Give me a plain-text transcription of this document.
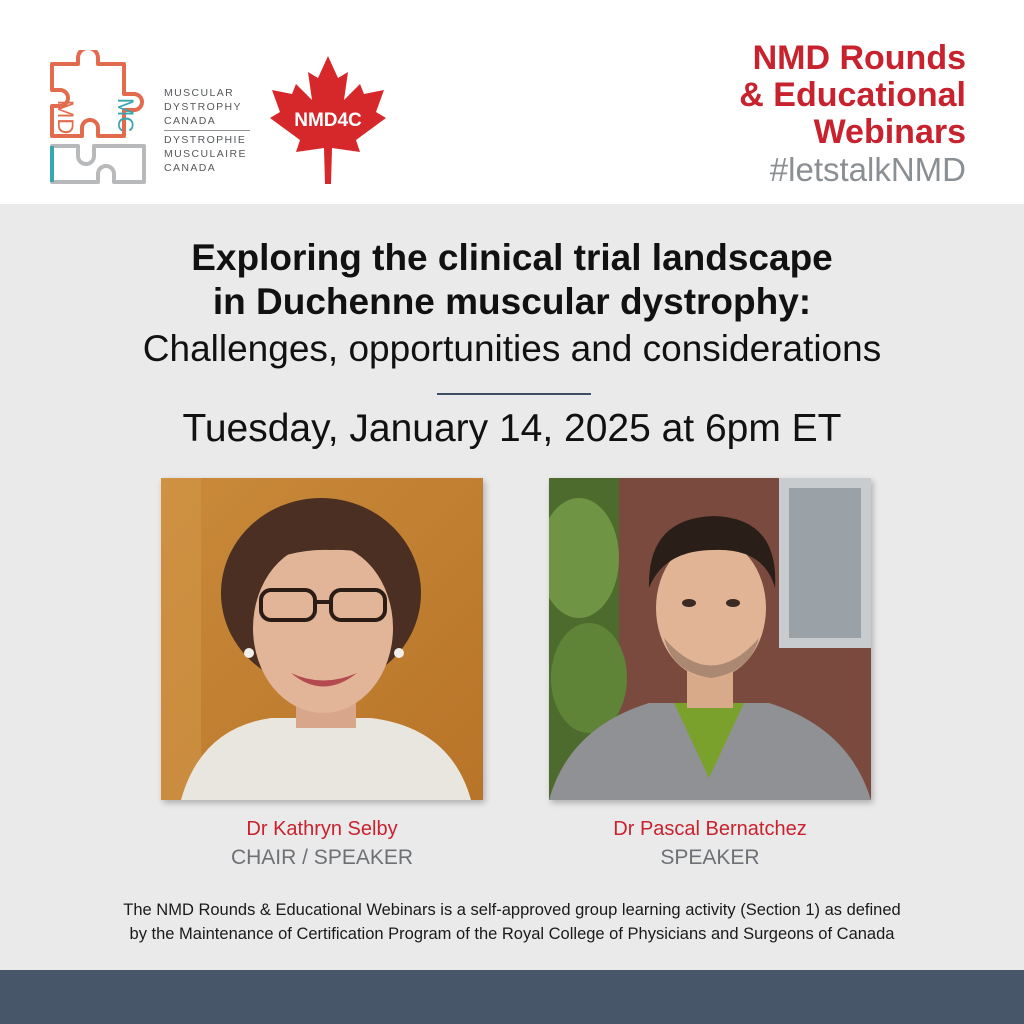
MD MC
MUSCULAR
DYSTROPHY
CANADA
DYSTROPHIE
MUSCULAIRE
CANADA
NMD4C
NMD Rounds
& Educational
Webinars
#letstalkNMD
Exploring the clinical trial landscape
in Duchenne muscular dystrophy:
Challenges, opportunities and considerations
Tuesday, January 14, 2025 at 6pm ET
Dr Kathryn Selby
CHAIR / SPEAKER
Dr Pascal Bernatchez
SPEAKER
The NMD Rounds & Educational Webinars is a self-approved group learning activity (Section 1) as defined
by the Maintenance of Certification Program of the Royal College of Physicians and Surgeons of Canada
